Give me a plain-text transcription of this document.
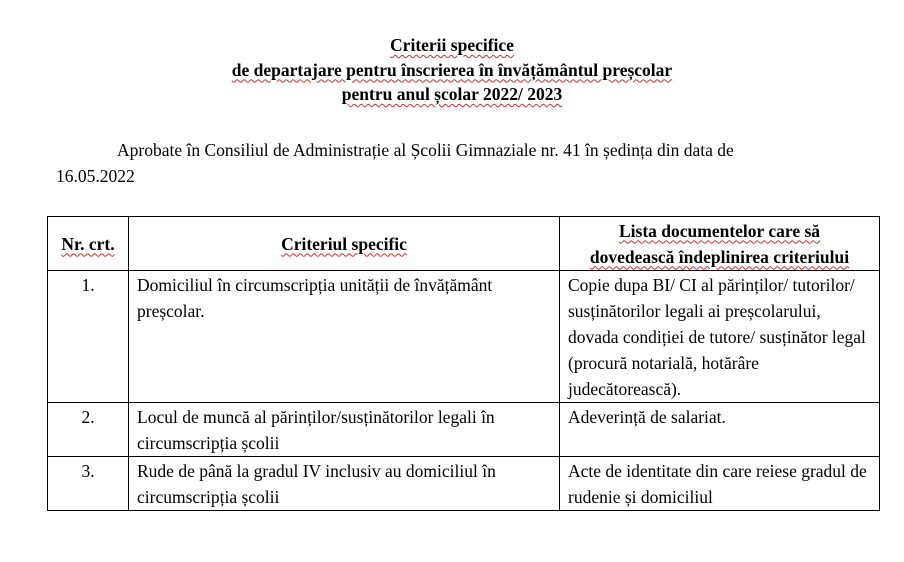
Criterii specifice
de departajare pentru înscrierea în învățământul preșcolar
pentru anul școlar 2022/ 2023
Aprobate în Consiliul de Administrație al Școlii Gimnaziale nr. 41 în ședința din data de
16.05.2022
Nr. crt.	Criteriul specific	Lista documentelor care să
dovedească îndeplinirea criteriului

1.	Domiciliul în circumscripția unității de învățământ preșcolar.	Copie dupa BI/ CI al părinților/ tutorilor/ susținătorilor legali ai preșcolarului, dovada condiției de tutore/ susținător legal (procură notarială, hotărâre judecătorească).
2.	Locul de muncă al părinților/susținătorilor legali în circumscripția școlii	Adeverință de salariat.
3.	Rude de până la gradul IV inclusiv au domiciliul în circumscripția școlii	Acte de identitate din care reiese gradul de rudenie și domiciliul
